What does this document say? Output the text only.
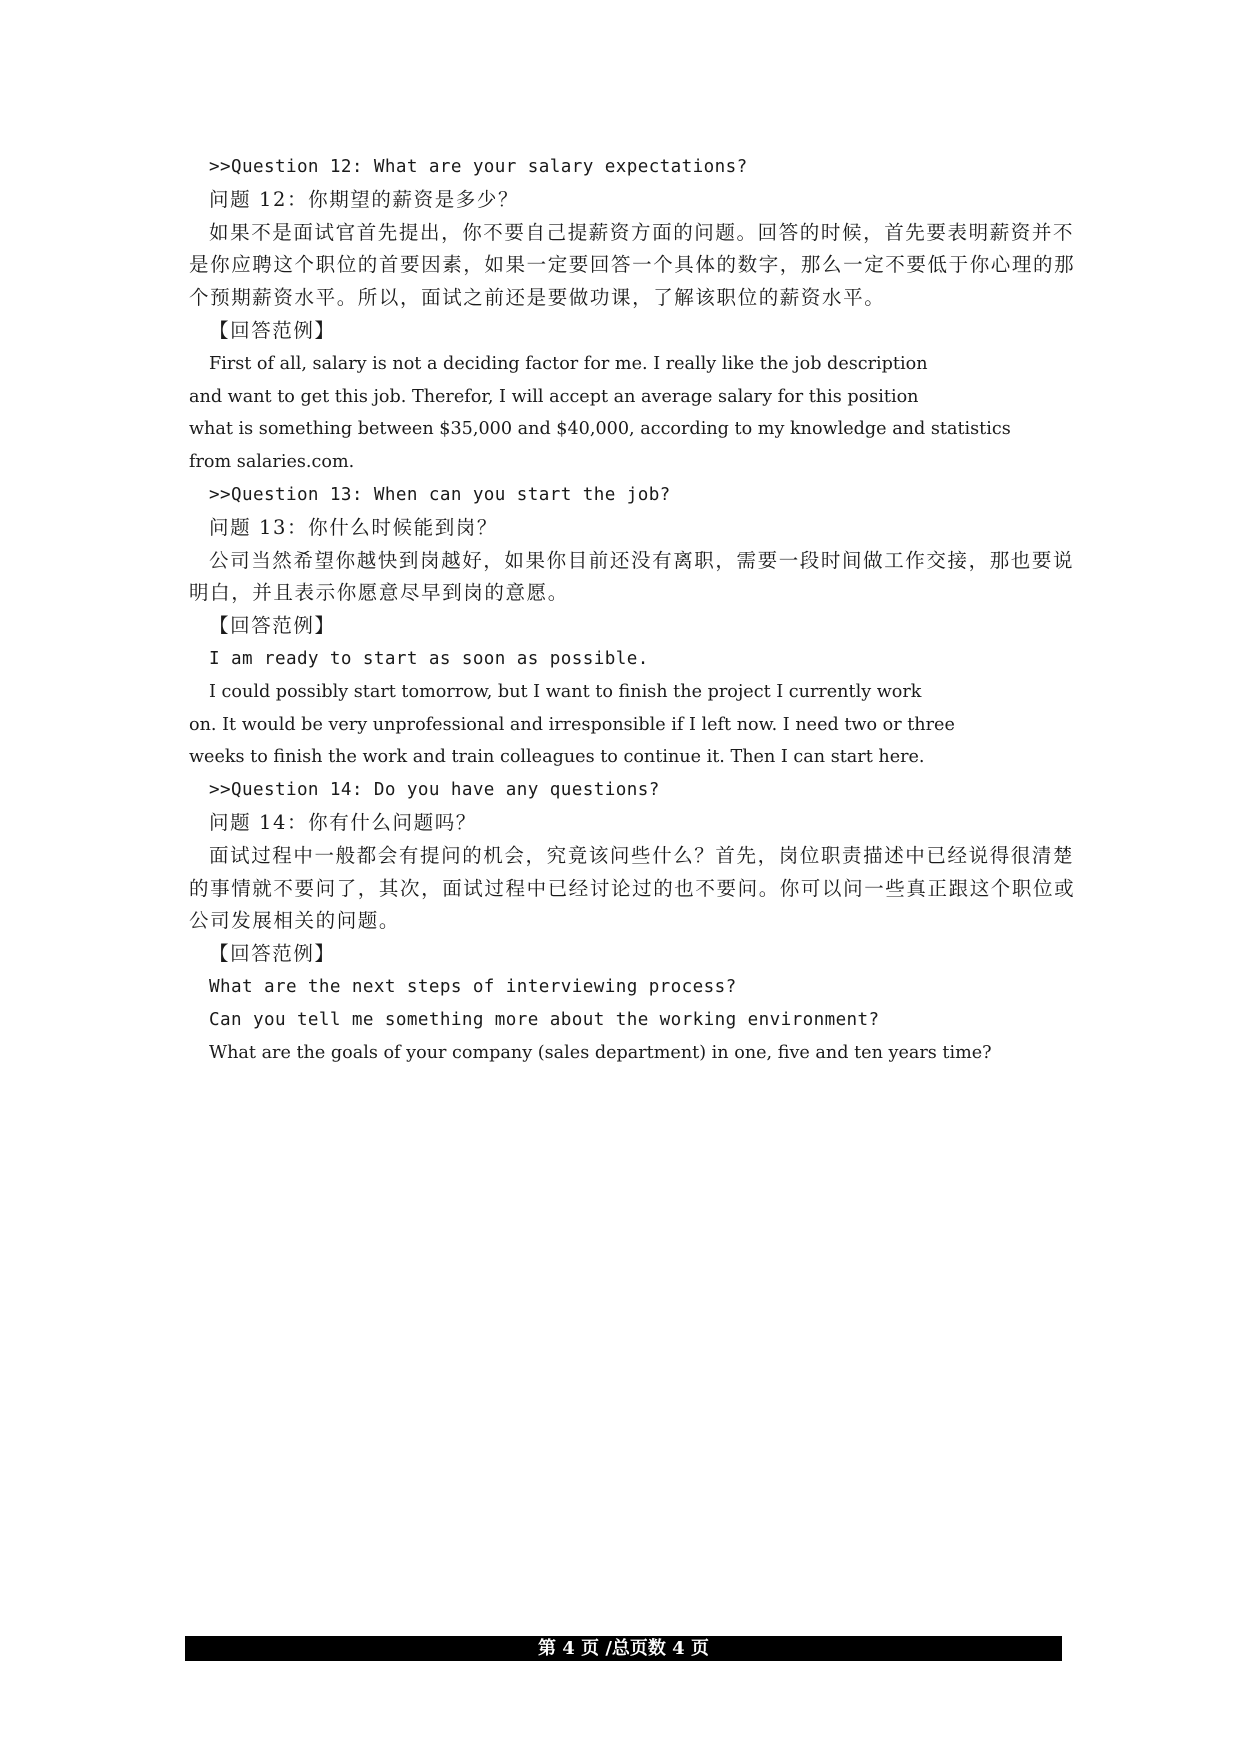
>>Question 12: What are your salary expectations?

问题 12：你期望的薪资是多少？

如果不是面试官首先提出，你不要自己提薪资方面的问题。回答的时候，首先要表明薪资并不

是你应聘这个职位的首要因素，如果一定要回答一个具体的数字，那么一定不要低于你心理的那

个预期薪资水平。所以，面试之前还是要做功课，了解该职位的薪资水平。

【回答范例】

First of all, salary is not a deciding factor for me. I really like the job description

and want to get this job. Therefor, I will accept an average salary for this position

what is something between $35,000 and $40,000, according to my knowledge and statistics

from salaries.com.

>>Question 13: When can you start the job?

问题 13：你什么时候能到岗？

公司当然希望你越快到岗越好，如果你目前还没有离职，需要一段时间做工作交接，那也要说

明白，并且表示你愿意尽早到岗的意愿。

【回答范例】

I am ready to start as soon as possible.

I could possibly start tomorrow, but I want to finish the project I currently work

on. It would be very unprofessional and irresponsible if I left now. I need two or three

weeks to finish the work and train colleagues to continue it. Then I can start here.

>>Question 14: Do you have any questions?

问题 14：你有什么问题吗？

面试过程中一般都会有提问的机会，究竟该问些什么？首先，岗位职责描述中已经说得很清楚

的事情就不要问了，其次，面试过程中已经讨论过的也不要问。你可以问一些真正跟这个职位或

公司发展相关的问题。

【回答范例】

What are the next steps of interviewing process?

Can you tell me something more about the working environment?

What are the goals of your company (sales department) in one, five and ten years time?

第 4 页 /总页数 4 页
